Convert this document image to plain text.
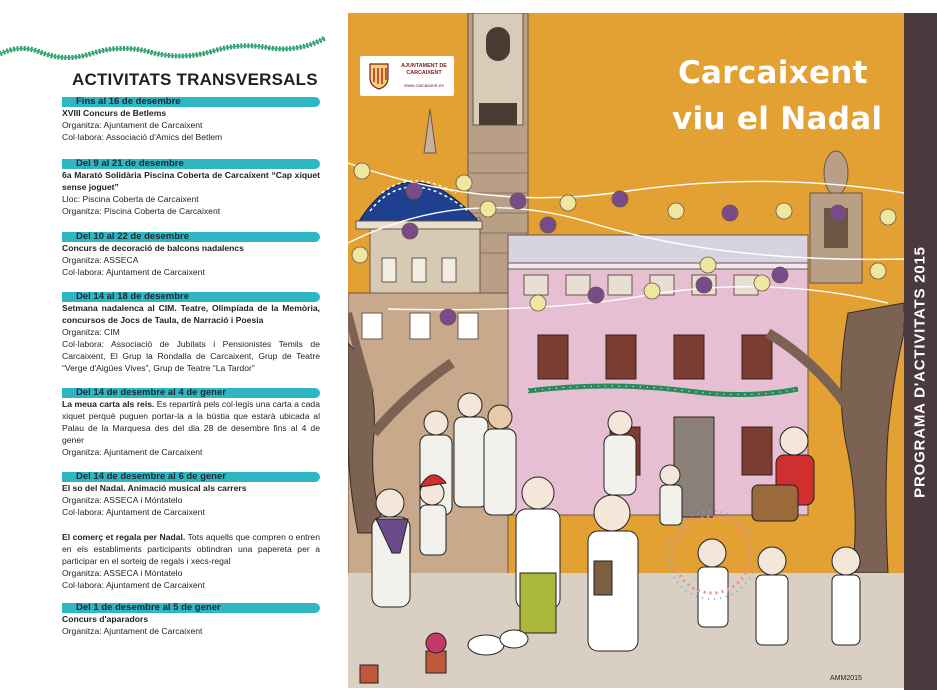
ACTIVITATS TRANSVERSALS
Fins al 16 de desembre
XVIII Concurs de Betlems
Organitza: Ajuntament de Carcaixent
Col·labora: Associació d'Amics del Betlem
Del 9 al 21 de desembre
6a Marató Solidària Piscina Coberta de Carcaixent “Cap xiquet sense joguet”
Lloc: Piscina Coberta de Carcaixent
Organitza: Piscina Coberta de Carcaixent
Del 10 al 22 de desembre
Concurs de decoració de balcons nadalencs
Organitza: ASSECA
Col·labora: Ajuntament de Carcaixent
Del 14 al 18 de desembre
Setmana nadalenca al CIM. Teatre, Olimpíada de la Memòria, concursos de Jocs de Taula, de Narració i Poesia
Organitza: CIM
Col·labora: Associació de Jubilats i Pensionistes Temils de Carcaixent, El Grup la Rondalla de Carcaixent, Grup de Teatre “Verge d'Aigües Vives”, Grup de Teatre “La Tardor”
Del 14 de desembre al 4 de gener
La meua carta als reis. Es repartirà pels col·legis una carta a cada xiquet perquè puguen portar-la a la bústia que estarà ubicada al Palau de la Marquesa des del dia 28 de desembre fins al 4 de gener
Organitza: Ajuntament de Carcaixent
Del 14 de desembre al 6 de gener
El so del Nadal. Animació musical als carrers
Organitza: ASSECA i Móntatelo
Col·labora: Ajuntament de Carcaixent
El comerç et regala per Nadal. Tots aquells que compren o entren en els establiments participants obtindran una papereta per a participar en el sorteig de regals i xecs-regal
Organitza: ASSECA i Móntatelo
Col·labora: Ajuntament de Carcaixent
Del 1 de desembre al 5 de gener
Concurs d'aparadors
Organitza: Ajuntament de Carcaixent
AJUNTAMENT DE CARCAIXENT
www.carcaixent.es	Carcaixent
viu el Nadal
AMM2015
PROGRAMA D'ACTIVITATS 2015
